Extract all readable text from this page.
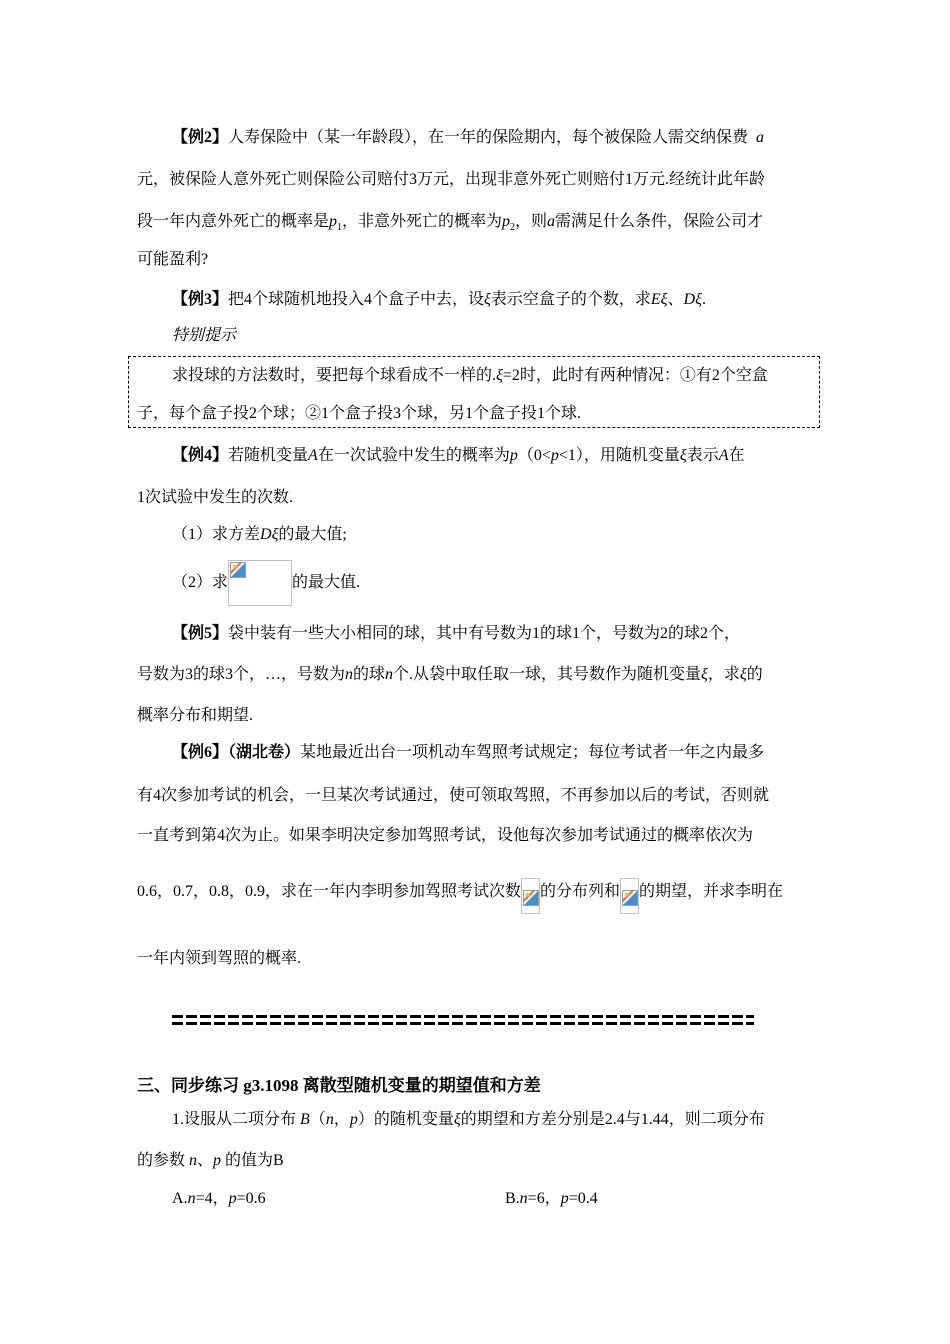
【例2】人寿保险中（某一年龄段），在一年的保险期内，每个被保险人需交纳保费 a
元，被保险人意外死亡则保险公司赔付3万元，出现非意外死亡则赔付1万元.经统计此年龄
段一年内意外死亡的概率是$p_1$，非意外死亡的概率为$p_2$，则a需满足什么条件，保险公司才
可能盈利?
【例3】把4个球随机地投入4个盒子中去，设ξ表示空盒子的个数，求Eξ、Dξ.
特别提示
求投球的方法数时，要把每个球看成不一样的.ξ=2时，此时有两种情况：①有2个空盒
子，每个盒子投2个球；②1个盒子投3个球，另1个盒子投1个球.
【例4】若随机变量A在一次试验中发生的概率为p（0<p<1），用随机变量ξ表示A在
1次试验中发生的次数.
（1）求方差Dξ的最大值;
（2）求	的最大值.
【例5】袋中装有一些大小相同的球，其中有号数为1的球1个，号数为2的球2个，
号数为3的球3个，…，号数为n的球n个.从袋中取任取一球，其号数作为随机变量ξ，求ξ的
概率分布和期望.
【例6】（湖北卷）某地最近出台一项机动车驾照考试规定；每位考试者一年之内最多
有4次参加考试的机会，一旦某次考试通过，使可领取驾照，不再参加以后的考试，否则就
一直考到第4次为止。如果李明决定参加驾照考试，设他每次参加考试通过的概率依次为
0.6，0.7，0.8，0.9，求在一年内李明参加驾照考试次数 的分布列和 的期望，并求李明在
一年内领到驾照的概率.
三、同步练习 g3.1098 离散型随机变量的期望值和方差
1.设服从二项分布 B（n，p）的随机变量ξ的期望和方差分别是2.4与1.44，则二项分布
的参数 n、p 的值为B
A.n=4，p=0.6	B.n=6，p=0.4
